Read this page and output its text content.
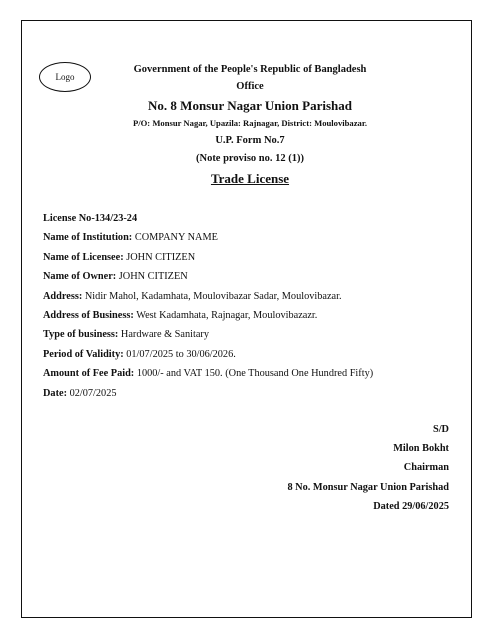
Logo
Government of the People's Republic of Bangladesh
Office
No. 8 Monsur Nagar Union Parishad
P/O: Monsur Nagar, Upazila: Rajnagar, District: Moulovibazar.
U.P. Form No.7
(Note proviso no. 12 (1))
Trade License
License No-134/23-24
Name of Institution: COMPANY NAME
Name of Licensee: JOHN CITIZEN
Name of Owner: JOHN CITIZEN
Address: Nidir Mahol, Kadamhata, Moulovibazar Sadar, Moulovibazar.
Address of Business: West Kadamhata, Rajnagar, Moulovibazazr.
Type of business: Hardware & Sanitary
Period of Validity: 01/07/2025 to 30/06/2026.
Amount of Fee Paid: 1000/- and VAT 150. (One Thousand One Hundred Fifty)
Date: 02/07/2025
S/D
Milon Bokht
Chairman
8 No. Monsur Nagar Union Parishad
Dated 29/06/2025
